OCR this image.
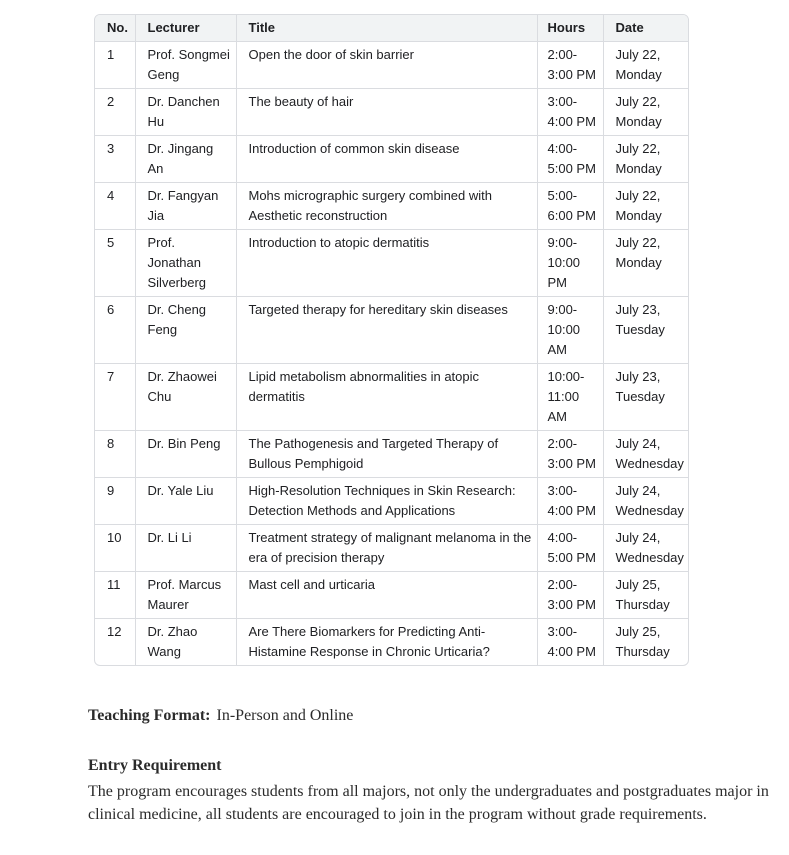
No.	Lecturer	Title	Hours	Date
1	Prof. Songmei Geng	Open the door of skin barrier	2:00-3:00 PM	July 22, Monday
2	Dr. Danchen Hu	The beauty of hair	3:00-4:00 PM	July 22, Monday
3	Dr. Jingang An	Introduction of common skin disease	4:00-5:00 PM	July 22, Monday
4	Dr. Fangyan Jia	Mohs micrographic surgery combined with Aesthetic reconstruction	5:00-6:00 PM	July 22, Monday
5	Prof. Jonathan Silverberg	Introduction to atopic dermatitis	9:00-10:00 PM	July 22, Monday
6	Dr. Cheng Feng	Targeted therapy for hereditary skin diseases	9:00-10:00 AM	July 23, Tuesday
7	Dr. Zhaowei Chu	Lipid metabolism abnormalities in atopic dermatitis	10:00-11:00 AM	July 23, Tuesday
8	Dr. Bin Peng	The Pathogenesis and Targeted Therapy of Bullous Pemphigoid	2:00-3:00 PM	July 24, Wednesday
9	Dr. Yale Liu	High-Resolution Techniques in Skin Research: Detection Methods and Applications	3:00-4:00 PM	July 24, Wednesday
10	Dr. Li Li	Treatment strategy of malignant melanoma in the era of precision therapy	4:00-5:00 PM	July 24, Wednesday
11	Prof. Marcus Maurer	Mast cell and urticaria	2:00-3:00 PM	July 25, Thursday
12	Dr. Zhao Wang	Are There Biomarkers for Predicting Anti-Histamine Response in Chronic Urticaria?	3:00-4:00 PM	July 25, Thursday

Teaching Format: In-Person and Online

Entry Requirement

The program encourages students from all majors, not only the undergraduates and postgraduates major in clinical medicine, all students are encouraged to join in the program without grade requirements.
